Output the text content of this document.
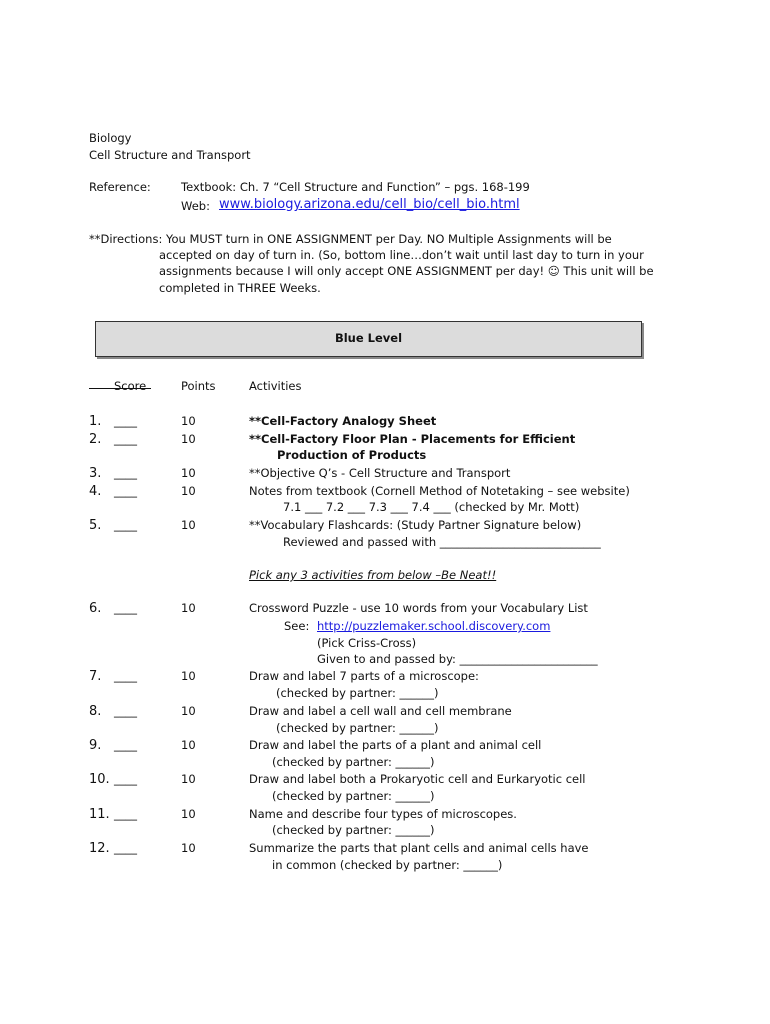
Biology
Cell Structure and Transport
Reference:	Textbook: Ch. 7 “Cell Structure and Function” – pgs. 168-199
Web: www.biology.arizona.edu/cell_bio/cell_bio.html
**Directions: You MUST turn in ONE ASSIGNMENT per Day. NO Multiple Assignments will be
accepted on day of turn in. (So, bottom line…don’t wait until last day to turn in your
assignments because I will only accept ONE ASSIGNMENT per day! ☺ This unit will be
completed in THREE Weeks.
Blue Level
Score	Points	Activities
1. ____	10	**Cell-Factory Analogy Sheet
2. ____	10	**Cell-Factory Floor Plan - Placements for Efficient
Production of Products
3. ____	10	**Objective Q’s - Cell Structure and Transport
4. ____	10	Notes from textbook (Cornell Method of Notetaking – see website)
7.1 ___ 7.2 ___ 7.3 ___ 7.4 ___ (checked by Mr. Mott)
5. ____	10	**Vocabulary Flashcards: (Study Partner Signature below)
Reviewed and passed with ____________________________
Pick any 3 activities from below –Be Neat!!
6. ____	10	Crossword Puzzle - use 10 words from your Vocabulary List
See: http://puzzlemaker.school.discovery.com
(Pick Criss-Cross)
Given to and passed by: ________________________
7. ____	10	Draw and label 7 parts of a microscope:
(checked by partner: ______)
8. ____	10	Draw and label a cell wall and cell membrane
(checked by partner: ______)
9. ____	10	Draw and label the parts of a plant and animal cell
(checked by partner: ______)
10. ____	10	Draw and label both a Prokaryotic cell and Eurkaryotic cell
(checked by partner: ______)
11. ____	10	Name and describe four types of microscopes.
(checked by partner: ______)
12. ____	10	Summarize the parts that plant cells and animal cells have
in common (checked by partner: ______)
